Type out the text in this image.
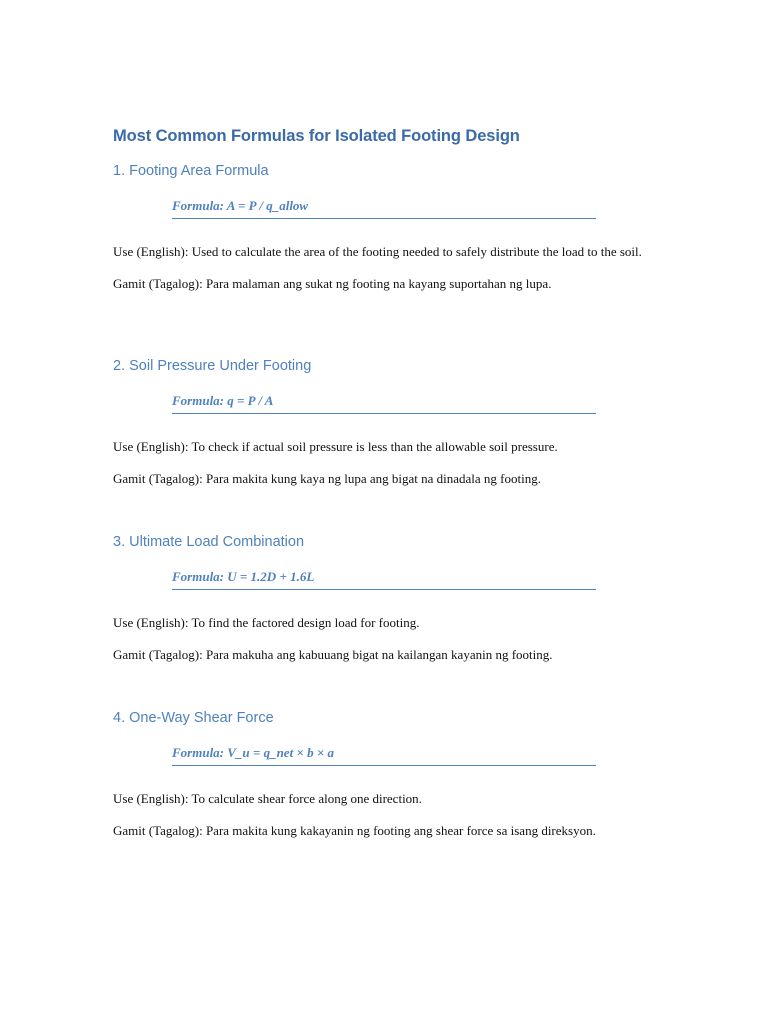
Most Common Formulas for Isolated Footing Design
1. Footing Area Formula
Formula: A = P / q_allow

Use (English): Used to calculate the area of the footing needed to safely distribute the load to the soil.

Gamit (Tagalog): Para malaman ang sukat ng footing na kayang suportahan ng lupa.

2. Soil Pressure Under Footing
Formula: q = P / A

Use (English): To check if actual soil pressure is less than the allowable soil pressure.

Gamit (Tagalog): Para makita kung kaya ng lupa ang bigat na dinadala ng footing.

3. Ultimate Load Combination
Formula: U = 1.2D + 1.6L

Use (English): To find the factored design load for footing.

Gamit (Tagalog): Para makuha ang kabuuang bigat na kailangan kayanin ng footing.

4. One-Way Shear Force
Formula: V_u = q_net × b × a

Use (English): To calculate shear force along one direction.

Gamit (Tagalog): Para makita kung kakayanin ng footing ang shear force sa isang direksyon.
